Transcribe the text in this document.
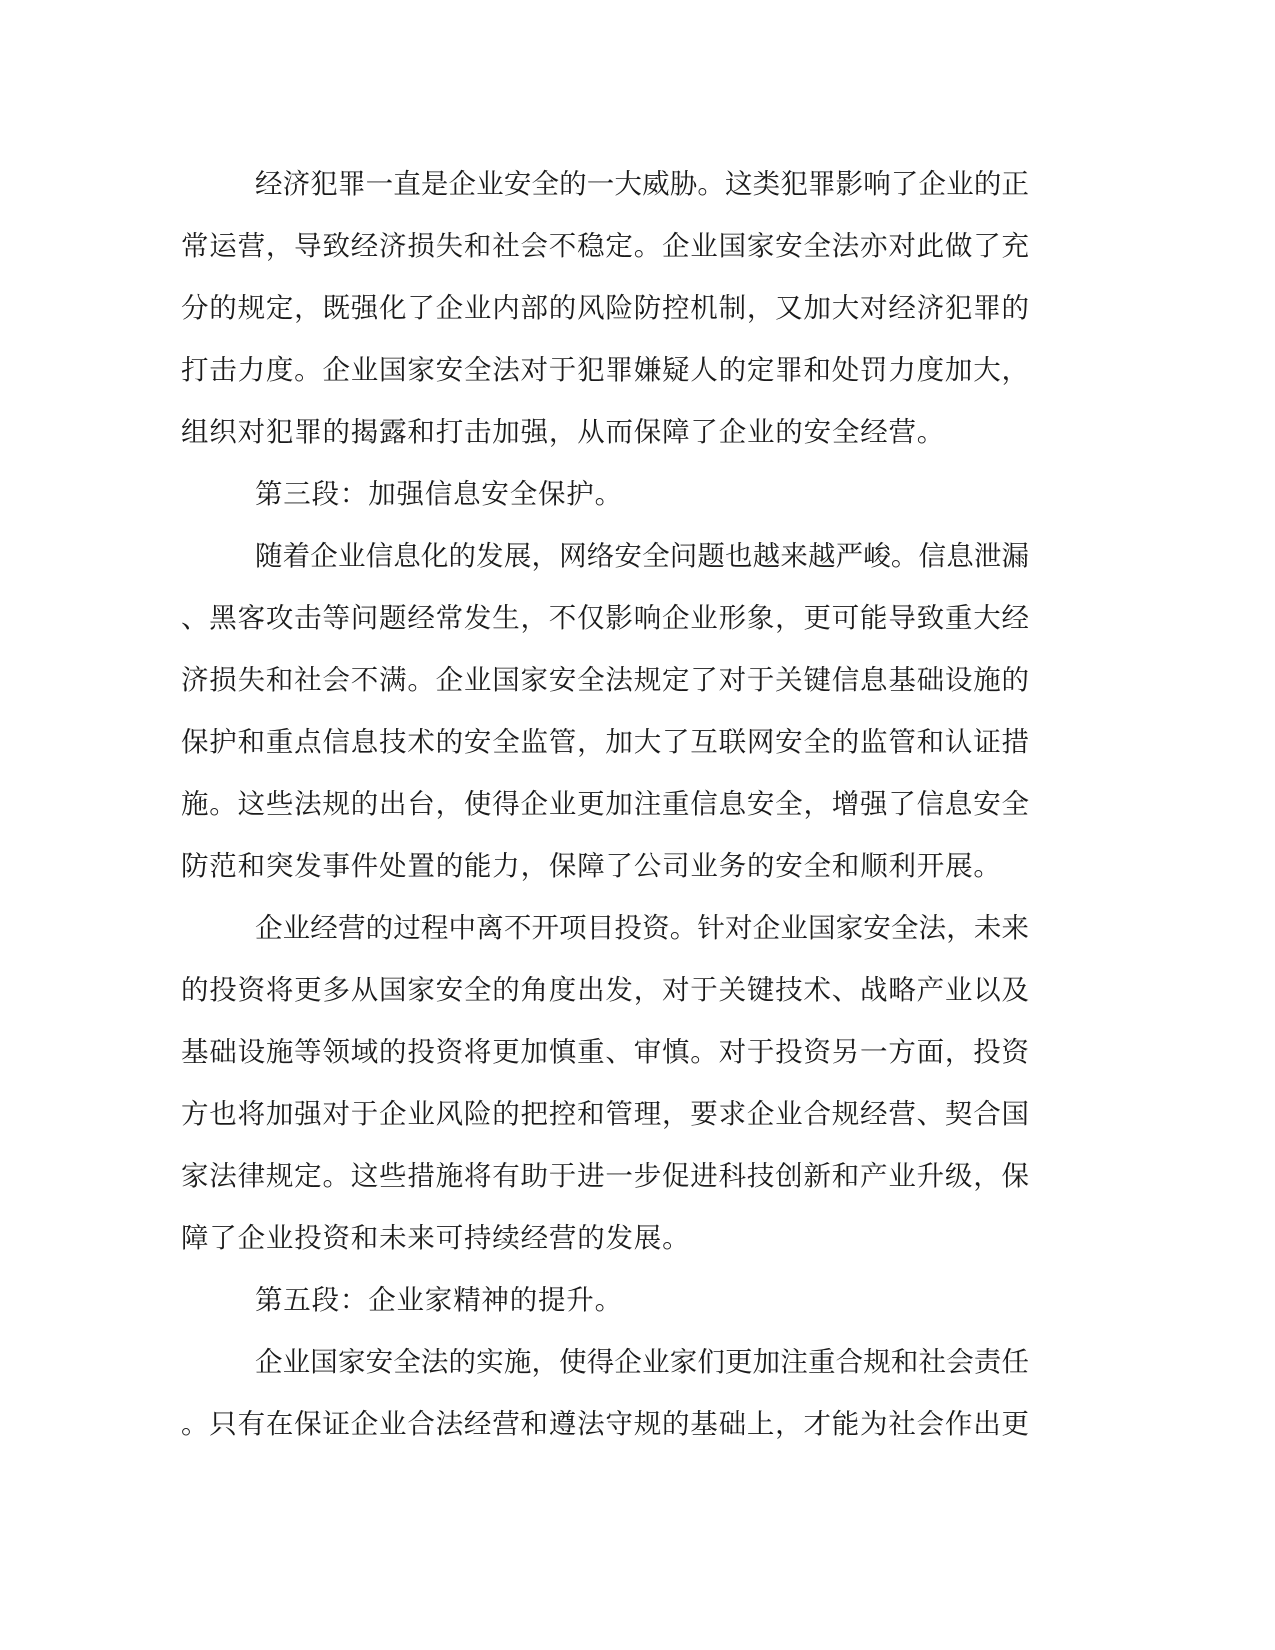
经济犯罪一直是企业安全的一大威胁。这类犯罪影响了企业的正
常运营，导致经济损失和社会不稳定。企业国家安全法亦对此做了充
分的规定，既强化了企业内部的风险防控机制，又加大对经济犯罪的
打击力度。企业国家安全法对于犯罪嫌疑人的定罪和处罚力度加大，
组织对犯罪的揭露和打击加强，从而保障了企业的安全经营。
第三段：加强信息安全保护。
随着企业信息化的发展，网络安全问题也越来越严峻。信息泄漏
、黑客攻击等问题经常发生，不仅影响企业形象，更可能导致重大经
济损失和社会不满。企业国家安全法规定了对于关键信息基础设施的
保护和重点信息技术的安全监管，加大了互联网安全的监管和认证措
施。这些法规的出台，使得企业更加注重信息安全，增强了信息安全
防范和突发事件处置的能力，保障了公司业务的安全和顺利开展。
企业经营的过程中离不开项目投资。针对企业国家安全法，未来
的投资将更多从国家安全的角度出发，对于关键技术、战略产业以及
基础设施等领域的投资将更加慎重、审慎。对于投资另一方面，投资
方也将加强对于企业风险的把控和管理，要求企业合规经营、契合国
家法律规定。这些措施将有助于进一步促进科技创新和产业升级，保
障了企业投资和未来可持续经营的发展。
第五段：企业家精神的提升。
企业国家安全法的实施，使得企业家们更加注重合规和社会责任
。只有在保证企业合法经营和遵法守规的基础上，才能为社会作出更
